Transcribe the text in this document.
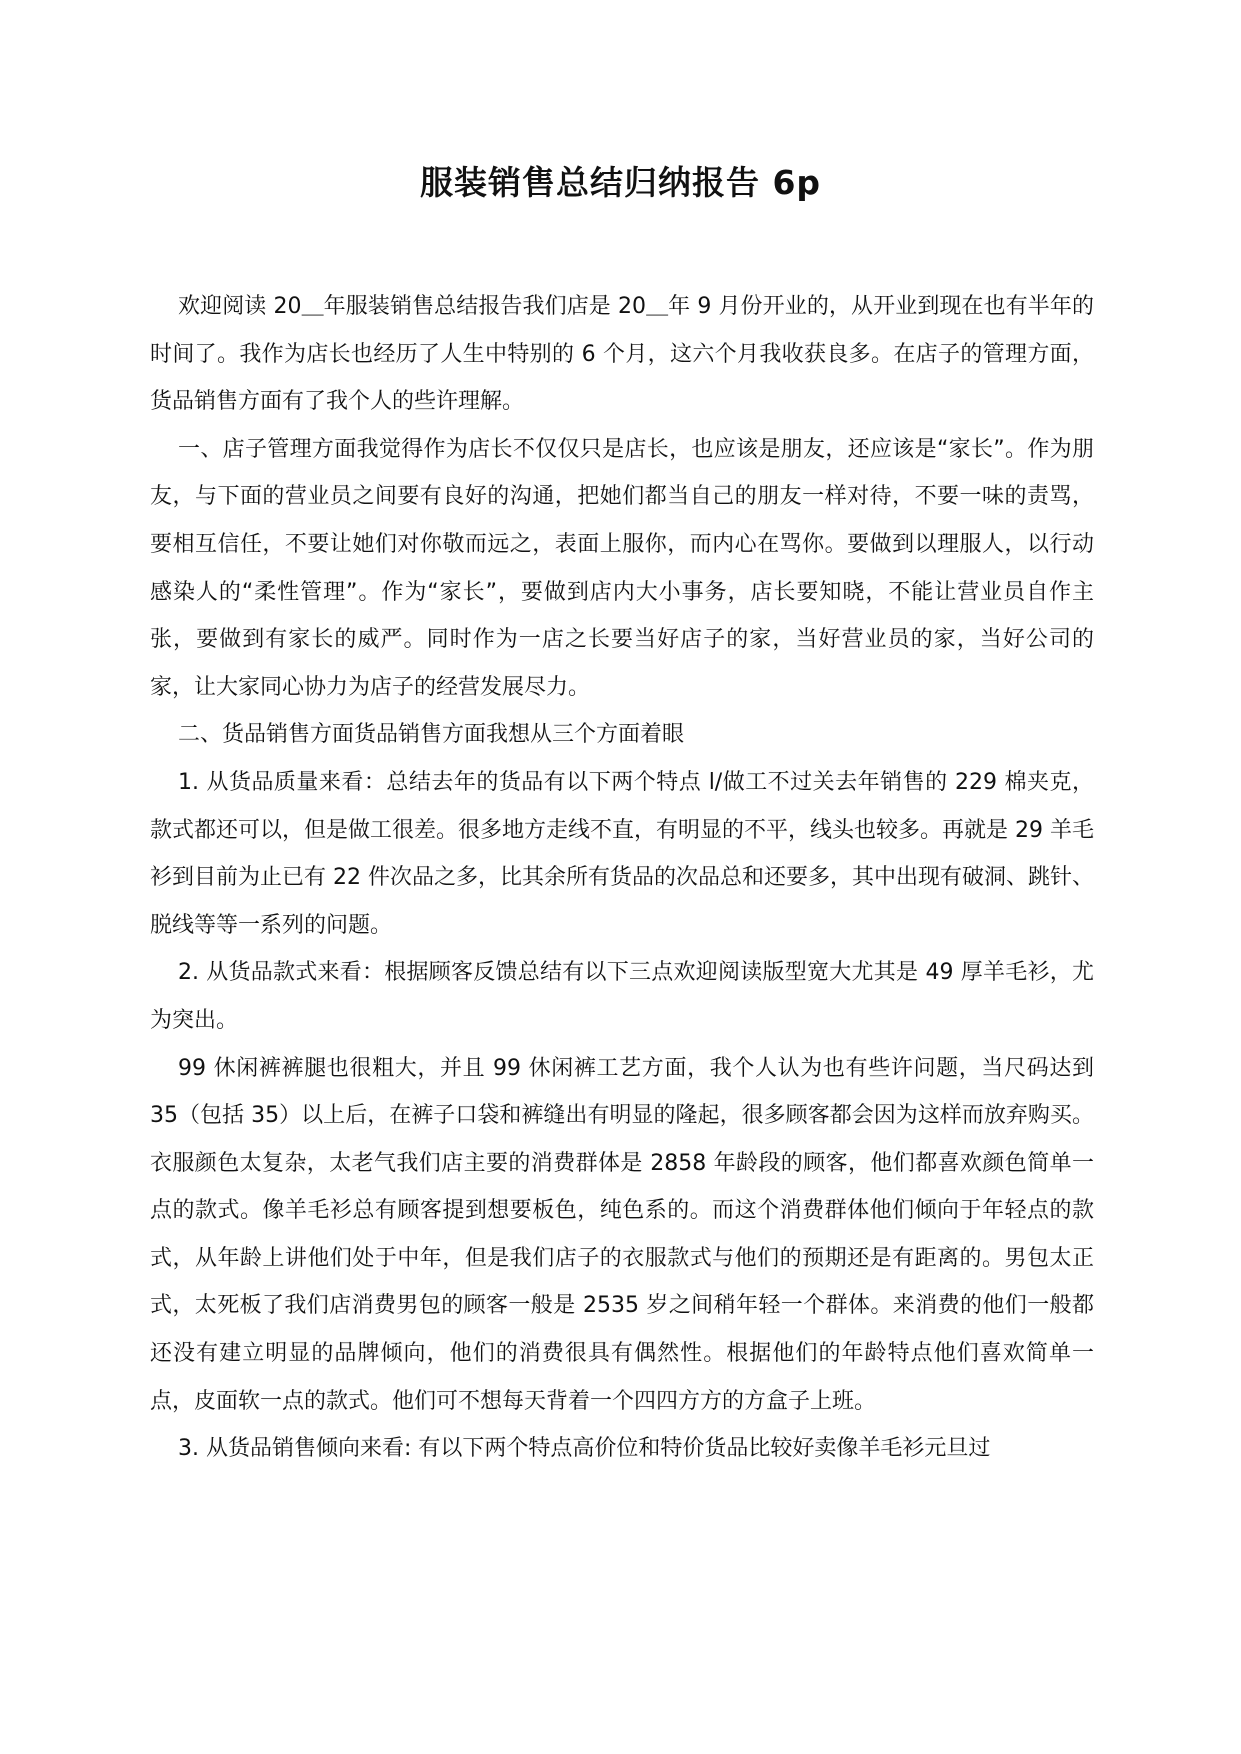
服装销售总结归纳报告 6p

欢迎阅读 20＿年服装销售总结报告我们店是 20＿年 9 月份开业的，从开业到现在也有半年的时间了。我作为店长也经历了人生中特别的 6 个月，这六个月我收获良多。在店子的管理方面，货品销售方面有了我个人的些许理解。

一、店子管理方面我觉得作为店长不仅仅只是店长，也应该是朋友，还应该是“家长”。作为朋友，与下面的营业员之间要有良好的沟通，把她们都当自己的朋友一样对待，不要一味的责骂，要相互信任，不要让她们对你敬而远之，表面上服你，而内心在骂你。要做到以理服人，以行动感染人的“柔性管理”。作为“家长”，要做到店内大小事务，店长要知晓，不能让营业员自作主张，要做到有家长的威严。同时作为一店之长要当好店子的家，当好营业员的家，当好公司的家，让大家同心协力为店子的经营发展尽力。

二、货品销售方面货品销售方面我想从三个方面着眼

1. 从货品质量来看：总结去年的货品有以下两个特点 l/做工不过关去年销售的 229 棉夹克，款式都还可以，但是做工很差。很多地方走线不直，有明显的不平，线头也较多。再就是 29 羊毛衫到目前为止已有 22 件次品之多，比其余所有货品的次品总和还要多，其中出现有破洞、跳针、脱线等等一系列的问题。

2. 从货品款式来看：根据顾客反馈总结有以下三点欢迎阅读版型宽大尤其是 49 厚羊毛衫，尤为突出。

99 休闲裤裤腿也很粗大，并且 99 休闲裤工艺方面，我个人认为也有些许问题，当尺码达到 35（包括 35）以上后，在裤子口袋和裤缝出有明显的隆起，很多顾客都会因为这样而放弃购买。衣服颜色太复杂，太老气我们店主要的消费群体是 2858 年龄段的顾客，他们都喜欢颜色简单一点的款式。像羊毛衫总有顾客提到想要板色，纯色系的。而这个消费群体他们倾向于年轻点的款式，从年龄上讲他们处于中年，但是我们店子的衣服款式与他们的预期还是有距离的。男包太正式，太死板了我们店消费男包的顾客一般是 2535 岁之间稍年轻一个群体。来消费的他们一般都还没有建立明显的品牌倾向，他们的消费很具有偶然性。根据他们的年龄特点他们喜欢简单一点，皮面软一点的款式。他们可不想每天背着一个四四方方的方盒子上班。

3. 从货品销售倾向来看: 有以下两个特点高价位和特价货品比较好卖像羊毛衫元旦过
